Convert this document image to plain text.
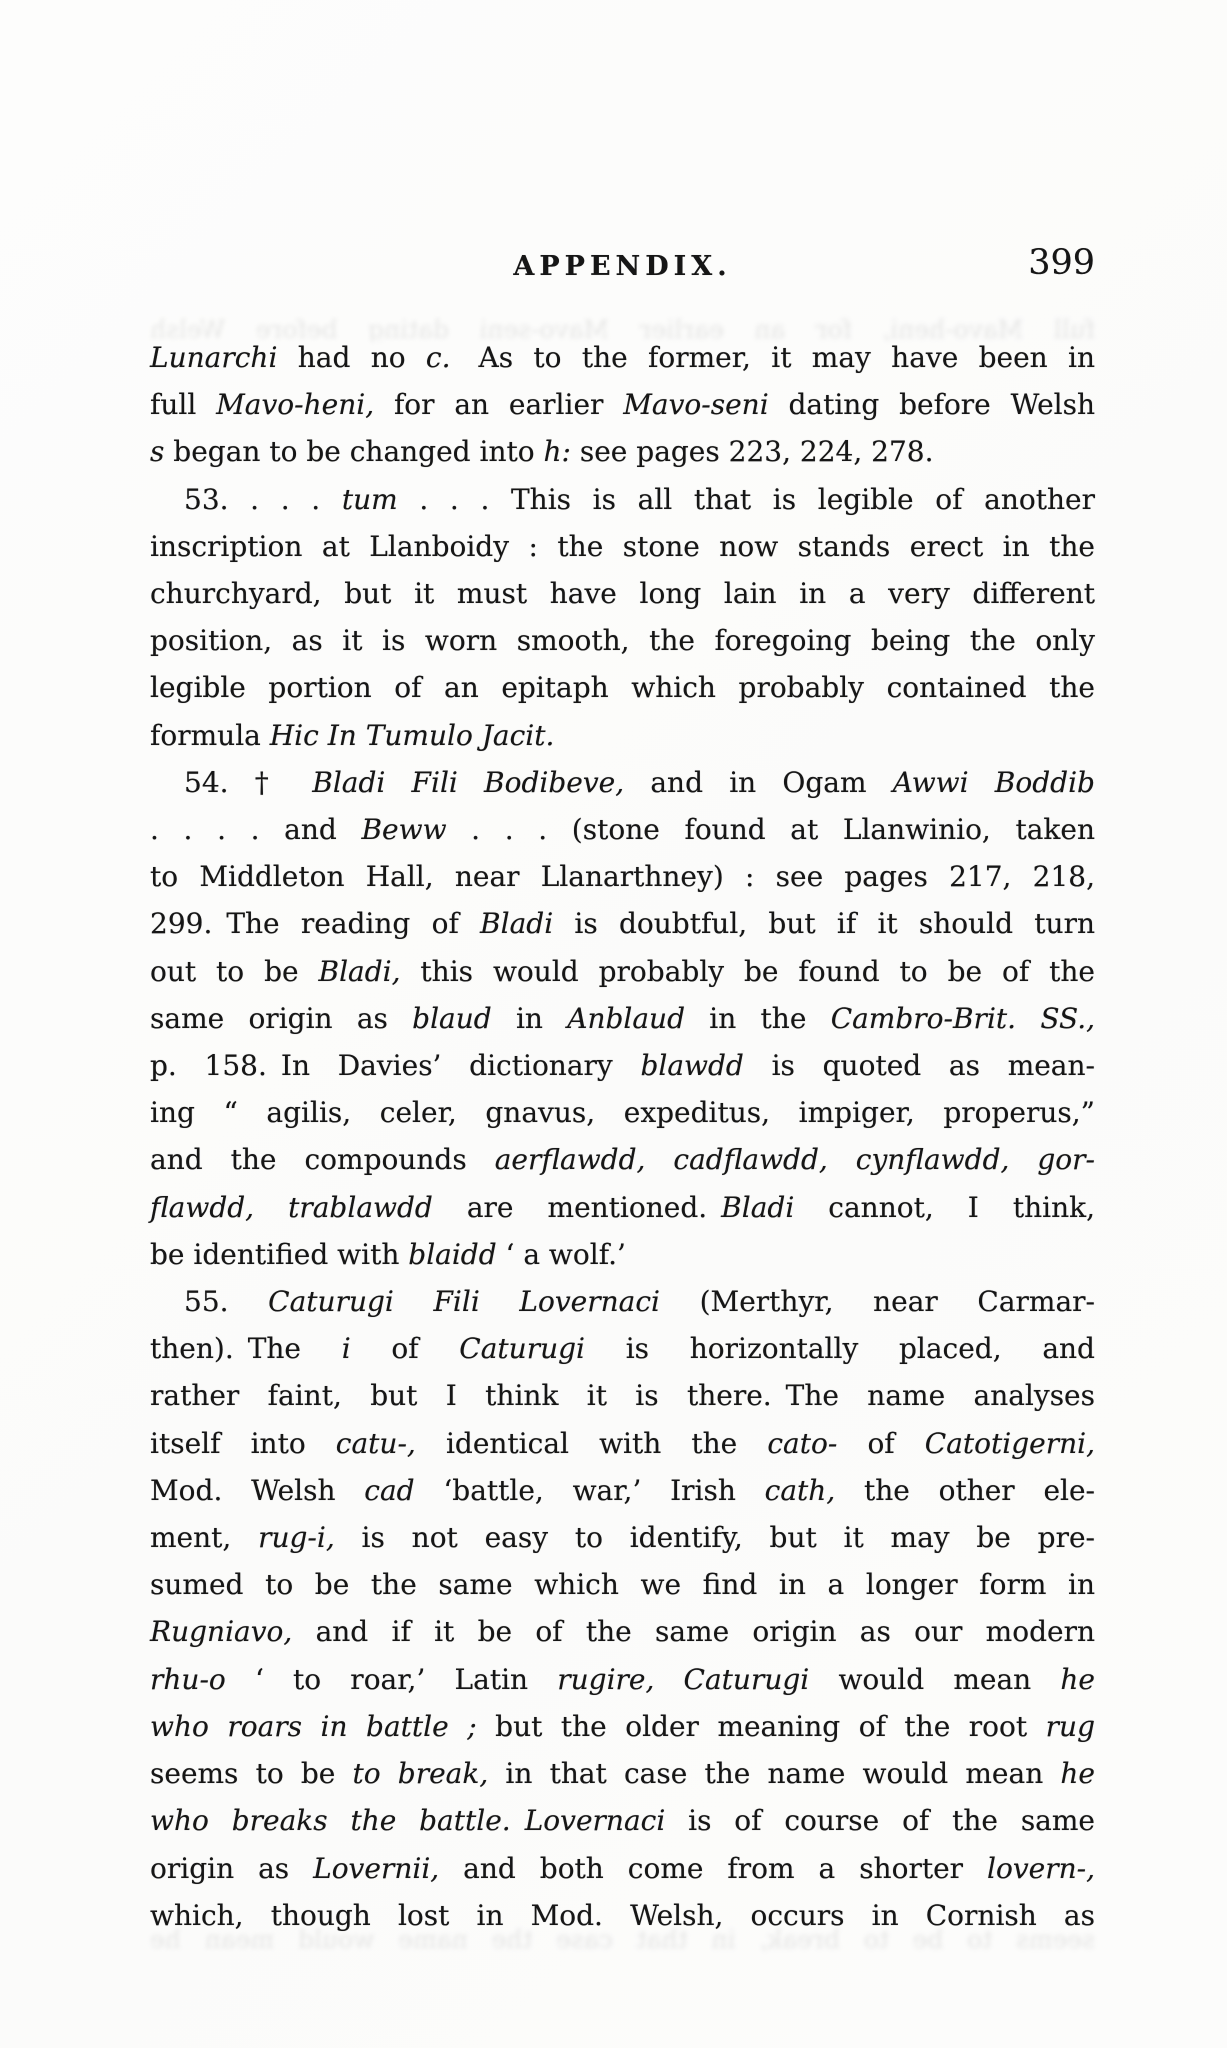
APPENDIX.	399
full Mavo-heni, for an earlier Mavo-seni dating before Welsh
Lunarchi had no c. As to the former, it may have been in
full Mavo-heni, for an earlier Mavo-seni dating before Welsh
s began to be changed into h: see pages 223, 224, 278.
53. . . . tum . . . This is all that is legible of another
inscription at Llanboidy : the stone now stands erect in the
churchyard, but it must have long lain in a very different
position, as it is worn smooth, the foregoing being the only
legible portion of an epitaph which probably contained the
formula Hic In Tumulo Jacit.
54. † Bladi Fili Bodibeve, and in Ogam Awwi Boddib
. . . . and Beww . . . (stone found at Llanwinio, taken
to Middleton Hall, near Llanarthney) : see pages 217, 218,
299. The reading of Bladi is doubtful, but if it should turn
out to be Bladi, this would probably be found to be of the
same origin as blaud in Anblaud in the Cambro-Brit. SS.,
p. 158. In Davies’ dictionary blawdd is quoted as mean-
ing “ agilis, celer, gnavus, expeditus, impiger, properus,”
and the compounds aerflawdd, cadflawdd, cynflawdd, gor-
flawdd, trablawdd are mentioned. Bladi cannot, I think,
be identified with blaidd ‘ a wolf.’
55. Caturugi Fili Lovernaci (Merthyr, near Carmar-
then). The i of Caturugi is horizontally placed, and
rather faint, but I think it is there. The name analyses
itself into catu-, identical with the cato- of Catotigerni,
Mod. Welsh cad ‘battle, war,’ Irish cath, the other ele-
ment, rug-i, is not easy to identify, but it may be pre-
sumed to be the same which we find in a longer form in
Rugniavo, and if it be of the same origin as our modern
rhu-o ‘ to roar,’ Latin rugire, Caturugi would mean he
who roars in battle ; but the older meaning of the root rug
seems to be to break, in that case the name would mean he
who breaks the battle.  Lovernaci is of course of the same
origin as Lovernii, and both come from a shorter lovern-,
which, though lost in Mod. Welsh, occurs in Cornish as
seems to be to break, in that case the name would mean he
